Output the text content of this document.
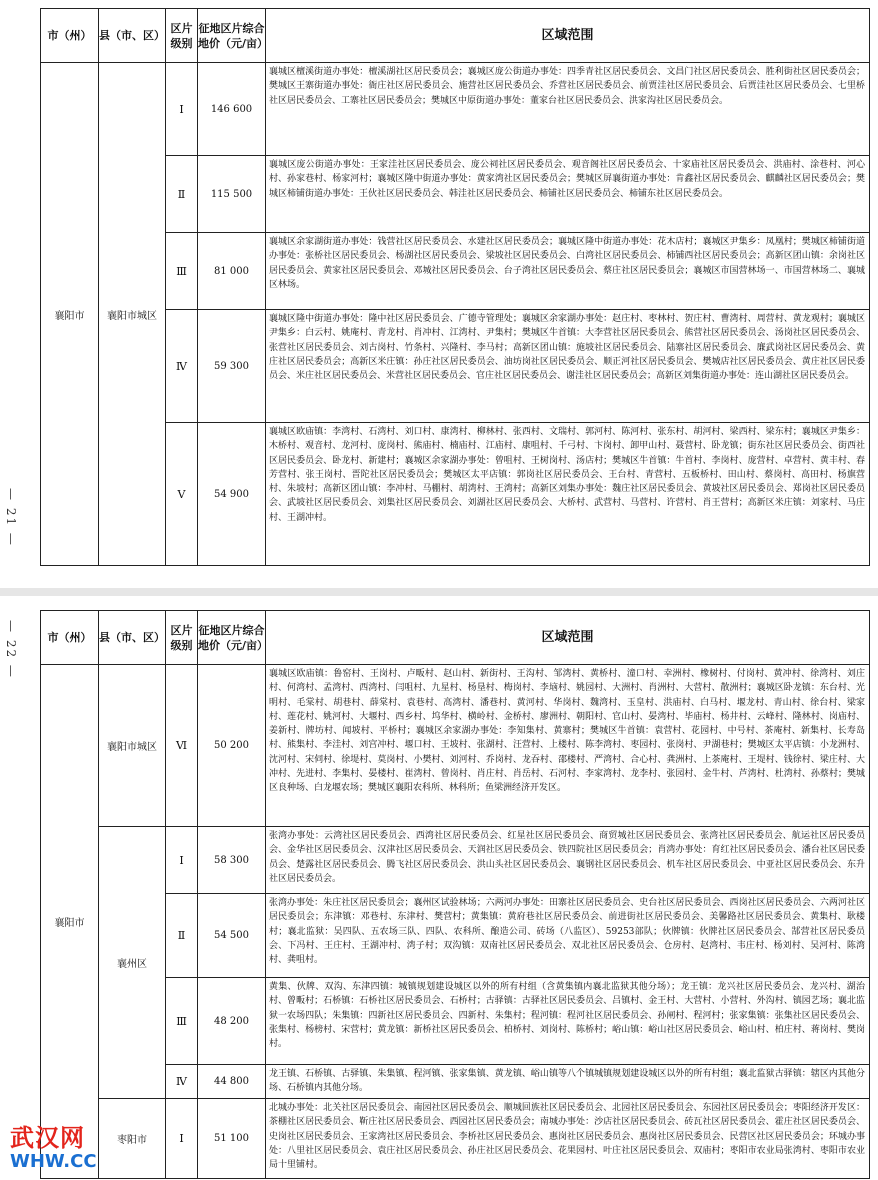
— 21 —
市（州）	县（市、区）	区片级别	征地区片综合地价（元/亩）	区域范围
襄阳市	襄阳市城区	Ⅰ	146 600	襄城区檀溪街道办事处：檀溪湖社区居民委员会；襄城区庞公街道办事处：四季青社区居民委员会、文昌门社区居民委员会、胜利街社区居民委员会；樊城区王寨街道办事处：衙庄社区居民委员会、施营社区居民委员会、乔营社区居民委员会、前贾洼社区居民委员会、后贾洼社区居民委员会、七里桥社区居民委员会、工寨社区居民委员会；樊城区中原街道办事处：董家台社区居民委员会、洪家沟社区居民委员会。
		Ⅱ	115 500	襄城区庞公街道办事处：王家洼社区居民委员会、庞公祠社区居民委员会、观音阁社区居民委员会、十家庙社区居民委员会、洪庙村、涂巷村、河心村、孙家巷村、杨家河村；襄城区隆中街道办事处：黄家湾社区居民委员会；樊城区屏襄街道办事处：肯鑫社区居民委员会、麒麟社区居民委员会；樊城区柿铺街道办事处：王伙社区居民委员会、韩洼社区居民委员会、柿铺社区居民委员会、柿铺东社区居民委员会。
		Ⅲ	81 000	襄城区余家湖街道办事处：钱营社区居民委员会、水建社区居民委员会；襄城区隆中街道办事处：花木店村；襄城区尹集乡：凤凰村；樊城区柿铺街道办事处：张桥社区居民委员会、杨湖社区居民委员会、梁坡社区居民委员会、白湾社区居民委员会、柿铺西社区居民委员会；高新区团山镇：余岗社区居民委员会、黄家社区居民委员会、邓城社区居民委员会、台子湾社区居民委员会、蔡庄社区居民委员会；襄城区市国营林场一、市国营林场二、襄城区林场。
		Ⅳ	59 300	襄城区隆中街道办事处：隆中社区居民委员会、广德寺管理处；襄城区余家湖办事处：赵庄村、枣林村、贺庄村、曹湾村、周营村、黄龙观村；襄城区尹集乡：白云村、姚庵村、青龙村、肖冲村、江湾村、尹集村；樊城区牛首镇：大李营社区居民委员会、熊营社区居民委员会、汤岗社区居民委员会、张营社区居民委员会、刘古岗村、竹条村、兴隆村、李马村；高新区团山镇：施坡社区居民委员会、陆寨社区居民委员会、廉武岗社区居民委员会、黄庄社区居民委员会；高新区米庄镇：孙庄社区居民委员会、油坊岗社区居民委员会、顺正河社区居民委员会、樊城店社区居民委员会、黄庄社区居民委员会、米庄社区居民委员会、米营社区居民委员会、官庄社区居民委员会、谢洼社区居民委员会；高新区刘集街道办事处：连山湖社区居民委员会。
		Ⅴ	54 900	襄城区欧庙镇：李湾村、石湾村、刘口村、康湾村、柳林村、张西村、文瑞村、郭河村、陈河村、张东村、胡河村、梁西村、梁东村；襄城区尹集乡：木桥村、观音村、龙河村、庞岗村、熊庙村、楠庙村、江庙村、康咀村、千弓村、卞岗村、卸甲山村、聂营村、卧龙镇；街东社区居民委员会、街西社区居民委员会、卧龙村、新建村；襄城区余家湖办事处：曾咀村、王树岗村、汤店村；樊城区牛首镇：牛首村、李岗村、庞营村、卓营村、黄丰村、春芳营村、张王岗村、晋陀社区居民委员会；樊城区太平店镇：郭岗社区居民委员会、王台村、青营村、五板桥村、田山村、蔡岗村、高田村、杨旗营村、朱坡村；高新区团山镇：李冲村、马棚村、胡湾村、王湾村；高新区刘集办事处：魏庄社区居民委员会、黄坡社区居民委员会、郑岗社区居民委员会、武坡社区居民委员会、刘集社区居民委员会、刘湖社区居民委员会、大桥村、武营村、马营村、许营村、肖王营村；高新区米庄镇：刘家村、马庄村、王湖冲村。
— 22 —	市（州）	县（市、区）	区片级别	征地区片综合地价（元/亩）	区域范围
襄阳市	襄阳市城区	Ⅵ	50 200	襄城区欧庙镇：鲁窑村、王岗村、卢畈村、赵山村、新街村、王沟村、邹湾村、黄桥村、潼口村、幸洲村、橡树村、付岗村、黄冲村、徐湾村、刘庄村、何湾村、孟湾村、西湾村、闫咀村、九星村、杨垦村、梅岗村、李垴村、姚园村、大洲村、肖洲村、大营村、散洲村；襄城区卧龙镇：东台村、光明村、毛棠村、胡巷村、薛棠村、袁巷村、高湾村、潘巷村、黄河村、华岗村、魏湾村、玉皇村、洪庙村、白马村、堰龙村、青山村、徐台村、梁家村、莲花村、姚河村、大堰村、西乡村、坞华村、横岭村、金桥村、廖洲村、朝阳村、官山村、晏湾村、毕庙村、杨井村、云峰村、隆林村、岗庙村、姜新村、牌坊村、闻坡村、平桥村；襄城区余家湖办事处：李知集村、黄寨村；樊城区牛首镇：袁营村、花园村、中号村、茶庵村、新集村、长寿岛村、熊集村、李洼村、刘宫冲村、堰口村、王坡村、张湖村、汪营村、上楼村、陈李湾村、枣园村、张岗村、尹湖巷村；樊城区太平店镇：小龙洲村、沈河村、宋伺村、徐堤村、莫岗村、小樊村、刘河村、乔岗村、龙吞村、邵楼村、严湾村、合心村、龚洲村、上茶庵村、王堤村、钱徐村、梁庄村、大冲村、先进村、李集村、晏楼村、崔湾村、曾岗村、肖庄村、肖岳村、石河村、李家湾村、龙李村、张园村、金牛村、芦湾村、杜湾村、孙蔡村；樊城区良种场、白龙堰农场；樊城区襄阳农科所、林科所；鱼梁洲经济开发区。
	襄州区	Ⅰ	58 300	张湾办事处：云湾社区居民委员会、西湾社区居民委员会、红星社区居民委员会、商贸城社区居民委员会、张湾社区居民委员会、航运社区居民委员会、金华社区居民委员会、汉津社区居民委员会、天润社区居民委员会、铁四院社区居民委员会；肖湾办事处：育红社区居民委员会、潘台社区居民委员会、楚露社区居民委员会、腾飞社区居民委员会、洪山头社区居民委员会、襄钢社区居民委员会、机车社区居民委员会、中亚社区居民委员会、东升社区居民委员会。
		Ⅱ	54 500	张湾办事处：朱庄社区居民委员会；襄州区试验林场；六两河办事处：田寨社区居民委员会、史台社区居民委员会、西岗社区居民委员会、六两河社区居民委员会；东津镇：邓巷村、东津村、樊营村；黄集镇：黄府巷社区居民委员会、前进街社区居民委员会、美馨路社区居民委员会、黄集村、耿楼村；襄北监狱：吴四队、五农场三队、四队、农科所、酿造公司、砖场（八监区）、59253部队；伙牌镇：伙牌社区居民委员会、郜营社区居民委员会、下冯村、王庄村、王湖冲村、湾子村；双沟镇：双南社区居民委员会、双北社区居民委员会、仓房村、赵湾村、韦庄村、杨刘村、吴河村、陈湾村、龚咀村。
		Ⅲ	48 200	黄集、伙牌、双沟、东津四镇：城镇规划建设城区以外的所有村组（含黄集镇内襄北监狱其他分场）；龙王镇：龙兴社区居民委员会、龙兴村、湖治村、曾畈村；石桥镇：石桥社区居民委员会、石桥村；古驿镇：古驿社区居民委员会、吕镇村、金王村、大营村、小营村、外沟村、镇园艺场；襄北监狱一农场四队；朱集镇：四新社区居民委员会、四新村、朱集村；程河镇：程河社区居民委员会、孙闸村、程河村；张家集镇：张集社区居民委员会、张集村、杨榜村、宋营村；黄龙镇：新桥社区居民委员会、柏桥村、刘岗村、陈桥村；峪山镇：峪山社区居民委员会、峪山村、柏庄村、蒋岗村、樊岗村。
		Ⅳ	44 800	龙王镇、石桥镇、古驿镇、朱集镇、程河镇、张家集镇、黄龙镇、峪山镇等八个镇城镇规划建设城区以外的所有村组；襄北监狱古驿镇：辖区内其他分场、石桥镇内其他分场。
	枣阳市	Ⅰ	51 100	北城办事处：北关社区居民委员会、南园社区居民委员会、顺城回族社区居民委员会、北园社区居民委员会、东园社区居民委员会；枣阳经济开发区：茶棚社区居民委员会、靳庄社区居民委员会、西园社区居民委员会；南城办事处：沙店社区居民委员会、砖瓦社区居民委员会、霍庄社区居民委员会、史岗社区居民委员会、王家湾社区居民委员会、李桥社区居民委员会、惠岗社区居民委员会、惠岗社区居民委员会、民营区社区居民委员会；环城办事处：八里社区居民委员会、袁庄社区居民委员会、孙庄社区居民委员会、花果园村、叶庄社区居民委员会、双庙村；枣阳市农业局张湾村、枣阳市农业局十里铺村。
武汉网
WHW.CC
